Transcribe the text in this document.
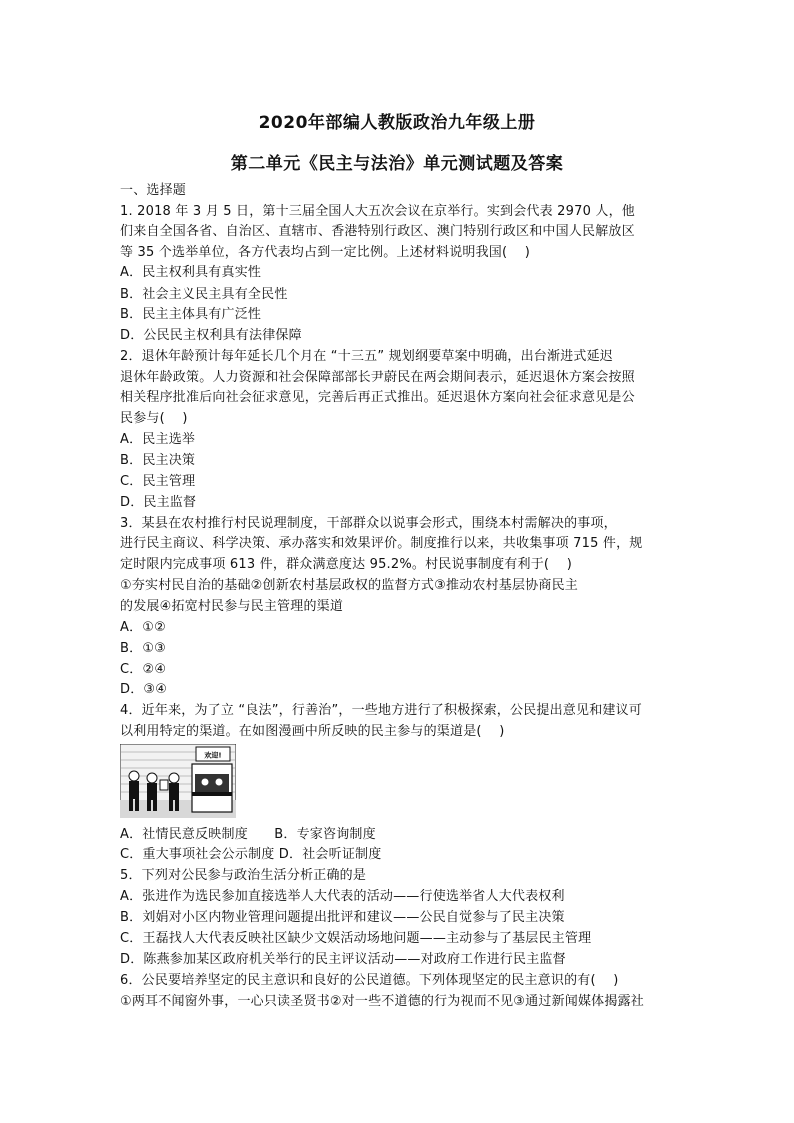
2020年部编人教版政治九年级上册
第二单元《民主与法治》单元测试题及答案
一、选择题
1. 2018 年 3 月 5 日，第十三届全国人大五次会议在京举行。实到会代表 2970 人，他
们来自全国各省、自治区、直辖市、香港特别行政区、澳门特别行政区和中国人民解放区
等 35 个选举单位，各方代表均占到一定比例。上述材料说明我国(　 )
A．民主权利具有真实性
B．社会主义民主具有全民性
B．民主主体具有广泛性
D．公民民主权利具有法律保障
2．退休年龄预计每年延长几个月在 “十三五” 规划纲要草案中明确，出台渐进式延迟
退休年龄政策。人力资源和社会保障部部长尹蔚民在两会期间表示，延迟退休方案会按照
相关程序批准后向社会征求意见，完善后再正式推出。延迟退休方案向社会征求意见是公
民参与(　 )
A．民主选举
B．民主决策
C．民主管理
D．民主监督
3．某县在农村推行村民说理制度，干部群众以说事会形式，围绕本村需解决的事项，
进行民主商议、科学决策、承办落实和效果评价。制度推行以来，共收集事项 715 件，规
定时限内完成事项 613 件，群众满意度达 95.2%。村民说事制度有利于(　 )
①夯实村民自治的基础②创新农村基层政权的监督方式③推动农村基层协商民主
的发展④拓宽村民参与民主管理的渠道
A．①②
B．①③
C．②④
D．③④
4．近年来，为了立 “良法”，行善治”，一些地方进行了积极探索，公民提出意见和建议可
以利用特定的渠道。在如图漫画中所反映的民主参与的渠道是(　 )
欢迎!
A．社情民意反映制度　　B．专家咨询制度
C．重大事项社会公示制度 D．社会听证制度
5．下列对公民参与政治生活分析正确的是
A．张进作为选民参加直接选举人大代表的活动——行使选举省人大代表权利
B．刘娟对小区内物业管理问题提出批评和建议——公民自觉参与了民主决策
C．王磊找人大代表反映社区缺少文娱活动场地问题——主动参与了基层民主管理
D．陈燕参加某区政府机关举行的民主评议活动——对政府工作进行民主监督
6．公民要培养坚定的民主意识和良好的公民道德。下列体现坚定的民主意识的有(　 )
①两耳不闻窗外事，一心只读圣贤书②对一些不道德的行为视而不见③通过新闻媒体揭露社
